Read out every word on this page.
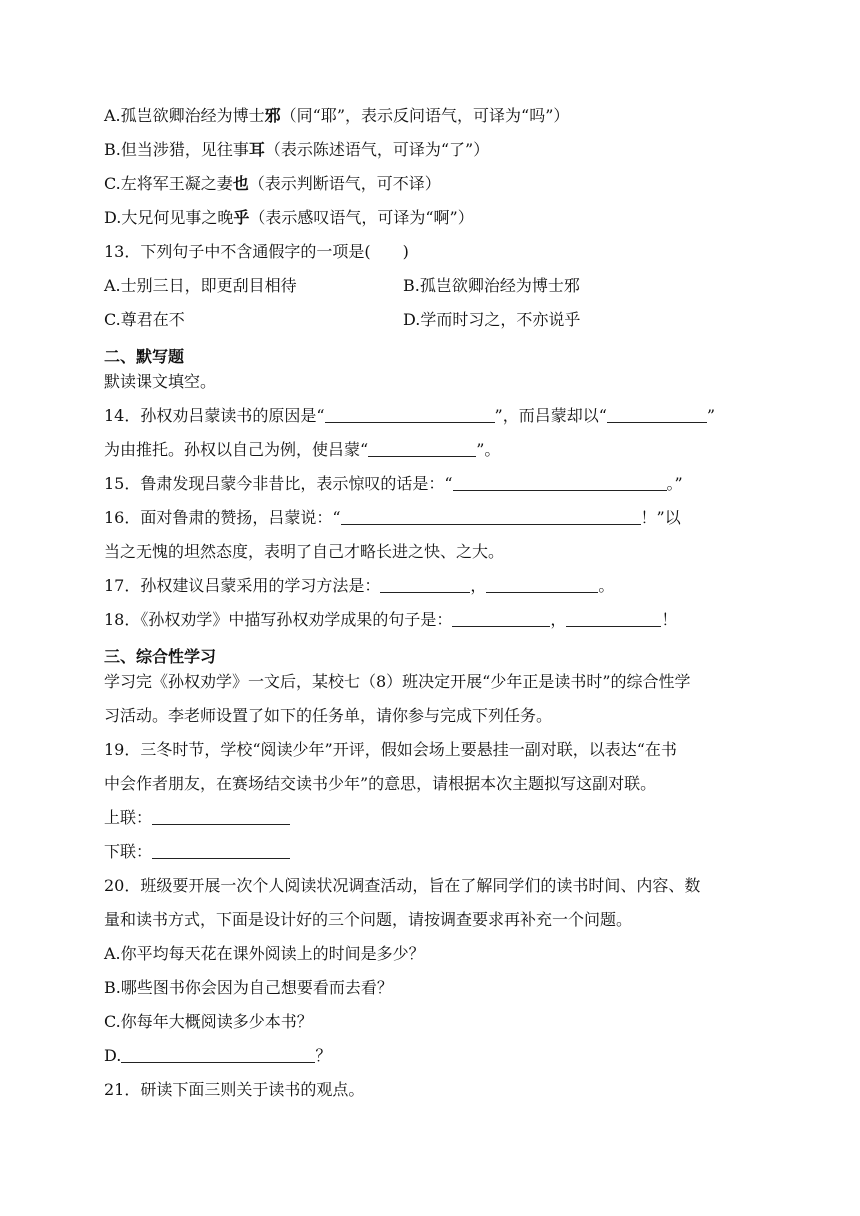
A.孤岂欲卿治经为博士邪（同“耶”，表示反问语气，可译为“吗”）
B.但当涉猎，见往事耳（表示陈述语气，可译为“了”）
C.左将军王凝之妻也（表示判断语气，可不译）
D.大兄何见事之晚乎（表示感叹语气，可译为“啊”）
13．下列句子中不含通假字的一项是(　　)
A.士别三日，即更刮目相待	B.孤岂欲卿治经为博士邪
C.尊君在不	D.学而时习之，不亦说乎
二、默写题
默读课文填空。
14．孙权劝吕蒙读书的原因是“	”，而吕蒙却以“	”
为由推托。孙权以自己为例，使吕蒙“	”。
15．鲁肃发现吕蒙今非昔比，表示惊叹的话是：“	。”
16．面对鲁肃的赞扬，吕蒙说：“	！”以
当之无愧的坦然态度，表明了自己才略长进之快、之大。
17．孙权建议吕蒙采用的学习方法是：	，	。
18．《孙权劝学》中描写孙权劝学成果的句子是：	，	！
三、综合性学习
学习完《孙权劝学》一文后，某校七（8）班决定开展“少年正是读书时”的综合性学
习活动。李老师设置了如下的任务单，请你参与完成下列任务。
19．三冬时节，学校“阅读少年”开评，假如会场上要悬挂一副对联，以表达“在书
中会作者朋友，在赛场结交读书少年”的意思，请根据本次主题拟写这副对联。
上联：
下联：
20．班级要开展一次个人阅读状况调查活动，旨在了解同学们的读书时间、内容、数
量和读书方式，下面是设计好的三个问题，请按调查要求再补充一个问题。
A.你平均每天花在课外阅读上的时间是多少？
B.哪些图书你会因为自己想要看而去看？
C.你每年大概阅读多少本书？
D.	？
21．研读下面三则关于读书的观点。
